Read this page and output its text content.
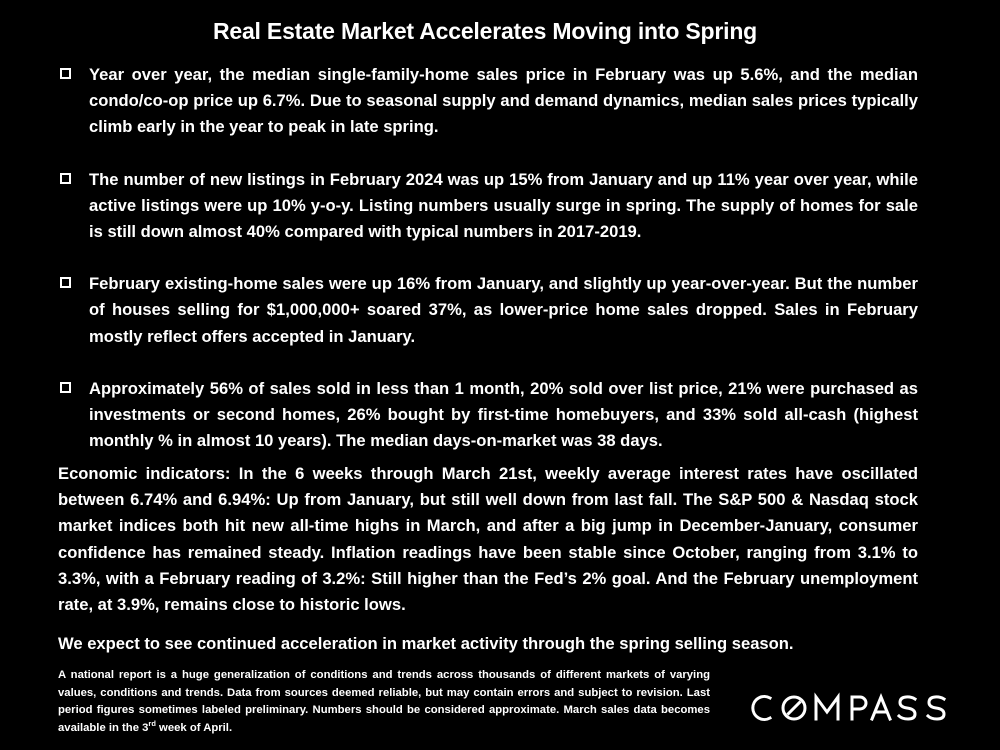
Real Estate Market Accelerates Moving into Spring
Year over year, the median single-family-home sales price in February was up 5.6%, and the median condo/co-op price up 6.7%. Due to seasonal supply and demand dynamics, median sales prices typically climb early in the year to peak in late spring.
The number of new listings in February 2024 was up 15% from January and up 11% year over year, while active listings were up 10% y-o-y. Listing numbers usually surge in spring. The supply of homes for sale is still down almost 40% compared with typical numbers in 2017-2019.
February existing-home sales were up 16% from January, and slightly up year-over-year. But the number of houses selling for $1,000,000+ soared 37%, as lower-price home sales dropped. Sales in February mostly reflect offers accepted in January.
Approximately 56% of sales sold in less than 1 month, 20% sold over list price, 21% were purchased as investments or second homes, 26% bought by first-time homebuyers, and 33% sold all-cash (highest monthly % in almost 10 years). The median days-on-market was 38 days.
Economic indicators: In the 6 weeks through March 21st, weekly average interest rates have oscillated between 6.74% and 6.94%: Up from January, but still well down from last fall. The S&P 500 & Nasdaq stock market indices both hit new all-time highs in March, and after a big jump in December-January, consumer confidence has remained steady. Inflation readings have been stable since October, ranging from 3.1% to 3.3%, with a February reading of 3.2%: Still higher than the Fed’s 2% goal. And the February unemployment rate, at 3.9%, remains close to historic lows.
We expect to see continued acceleration in market activity through the spring selling season.
A national report is a huge generalization of conditions and trends across thousands of different markets of varying values, conditions and trends. Data from sources deemed reliable, but may contain errors and subject to revision. Last period figures sometimes labeled preliminary. Numbers should be considered approximate. March sales data becomes available in the 3rd week of April.
